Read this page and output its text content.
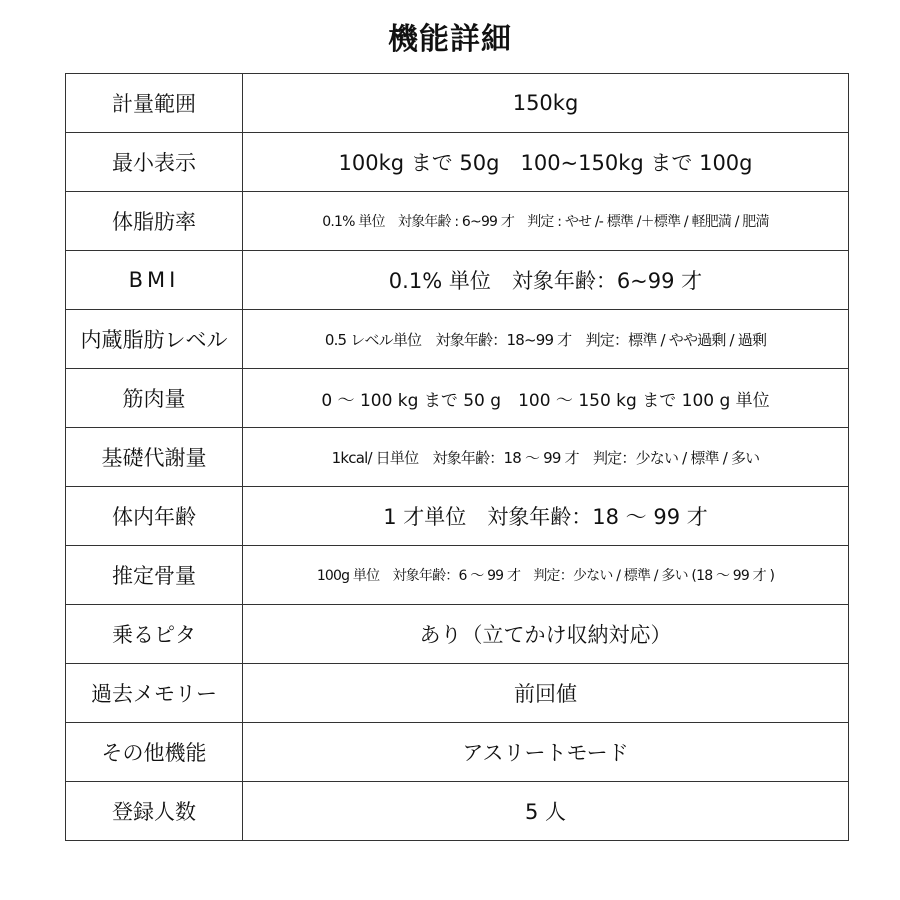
機能詳細
計量範囲	150kg
最小表示	100kg まで 50g　100~150kg まで 100g
体脂肪率	0.1% 単位　対象年齢 : 6~99 才　判定 : やせ /- 標準 /＋標準 / 軽肥満 / 肥満
BMI	0.1% 単位　対象年齢：6~99 才
内蔵脂肪レベル	0.5 レベル単位　対象年齢：18~99 才　判定：標準 / やや過剰 / 過剰
筋肉量	0 ～ 100 kg まで 50 g　100 ～ 150 kg まで 100 g 単位
基礎代謝量	1kcal/ 日単位　対象年齢：18 ～ 99 才　判定：少ない / 標準 / 多い
体内年齢	1 才単位　対象年齢：18 ～ 99 才
推定骨量	100g 単位　対象年齢：6 ～ 99 才　判定：少ない / 標準 / 多い (18 ～ 99 才 )
乗るピタ	あり（立てかけ収納対応）
過去メモリー	前回値
その他機能	アスリートモード
登録人数	5 人
